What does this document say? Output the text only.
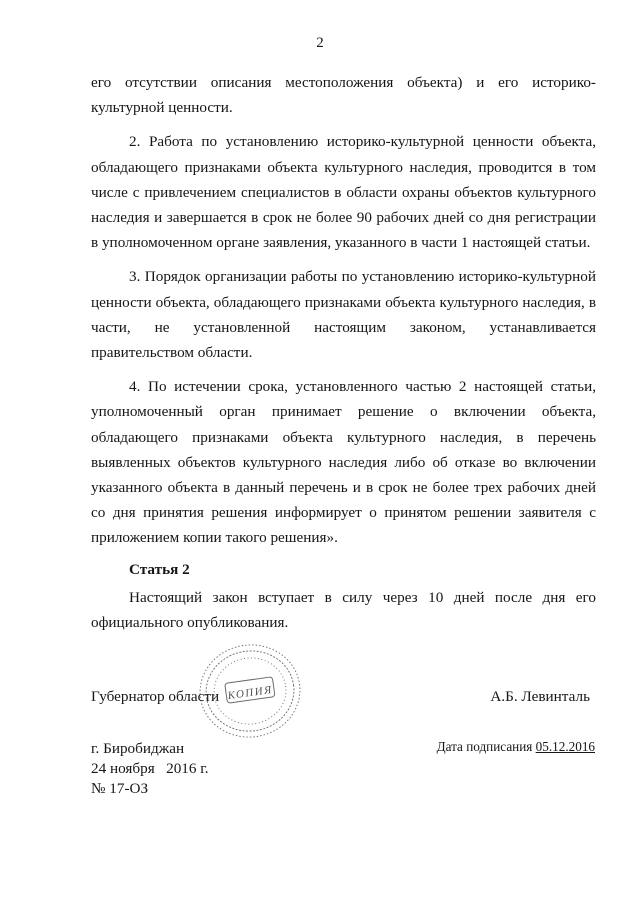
2

его отсутствии описания местоположения объекта) и его историко-культурной ценности.

2. Работа по установлению историко-культурной ценности объекта, обладающего признаками объекта культурного наследия, проводится в том числе с привлечением специалистов в области охраны объектов культурного наследия и завершается в срок не более 90 рабочих дней со дня регистрации в уполномоченном органе заявления, указанного в части 1 настоящей статьи.

3. Порядок организации работы по установлению историко-культурной ценности объекта, обладающего признаками объекта культурного наследия, в части, не установленной настоящим законом, устанавливается правительством области.

4. По истечении срока, установленного частью 2 настоящей статьи, уполномоченный орган принимает решение о включении объекта, обладающего признаками объекта культурного наследия, в перечень выявленных объектов культурного наследия либо об отказе во включении указанного объекта в данный перечень и в срок не более трех рабочих дней со дня принятия решения информирует о принятом решении заявителя с приложением копии такого решения».

Статья 2

Настоящий закон вступает в силу через 10 дней после дня его официального опубликования.

КОПИЯ
Губернатор области	А.Б. Левинталь
г. Биробиджан
24 ноября   2016 г.
№ 17-ОЗ
Дата подписания 05.12.2016
